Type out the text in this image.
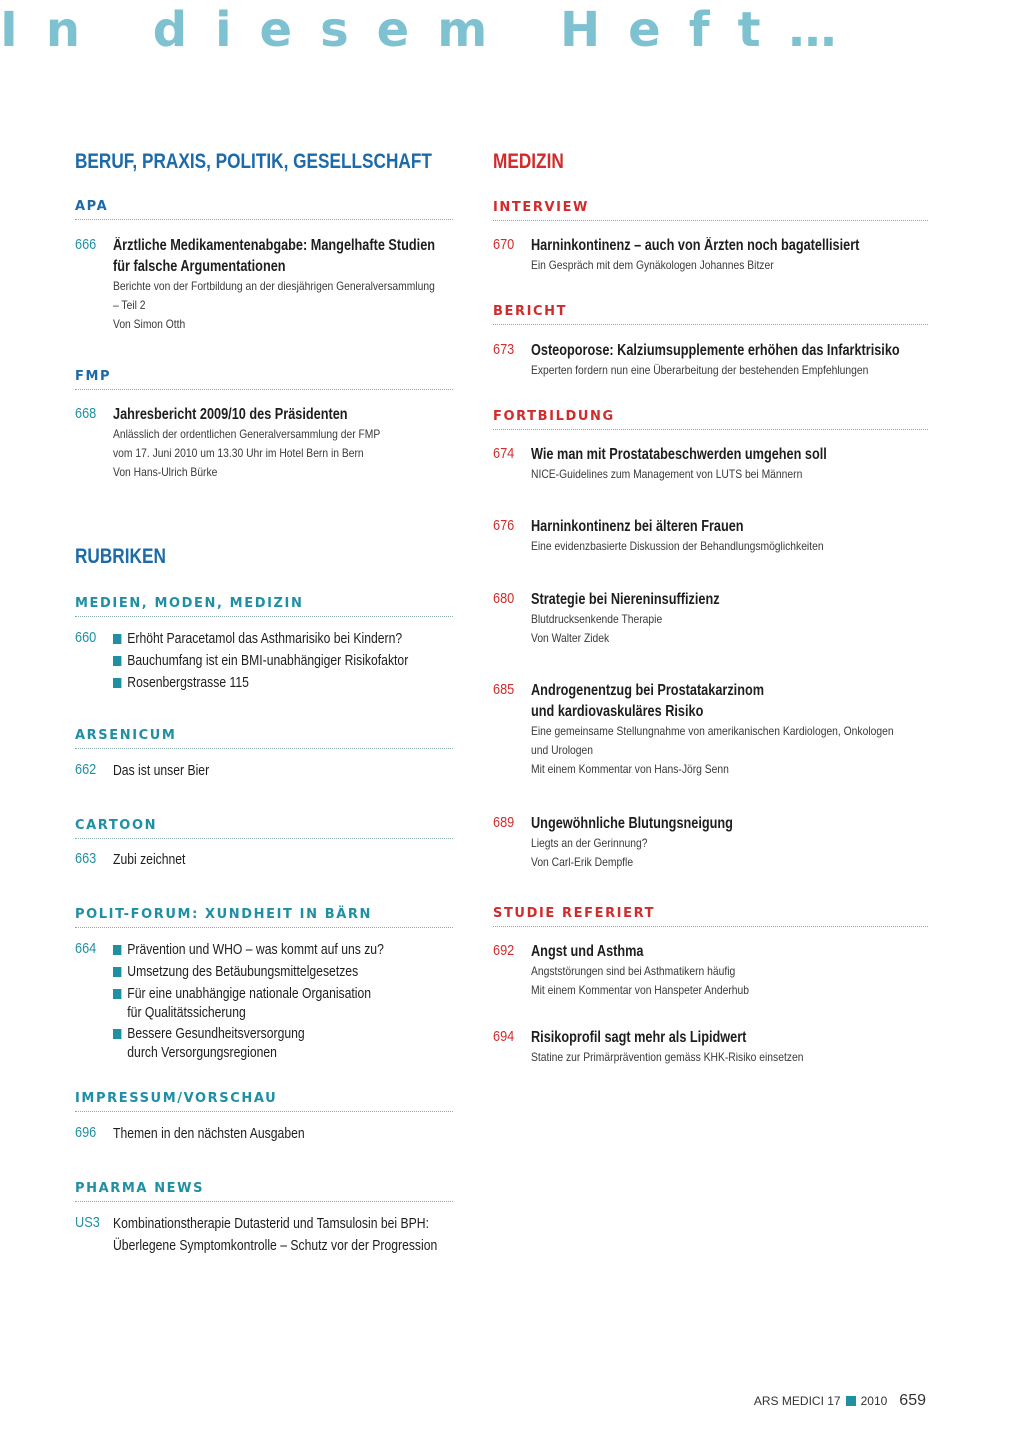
In diesem Heft…
BERUF, PRAXIS, POLITIK, GESELLSCHAFT
APA
666 Ärztliche Medikamentenabgabe: Mangelhafte Studien
für falsche Argumentationen
Berichte von der Fortbildung an der diesjährigen Generalversammlung
– Teil 2
Von Simon Otth
FMP
668 Jahresbericht 2009/10 des Präsidenten
Anlässlich der ordentlichen Generalversammlung der FMP
vom 17. Juni 2010 um 13.30 Uhr im Hotel Bern in Bern
Von Hans-Ulrich Bürke
RUBRIKEN
MEDIEN, MODEN, MEDIZIN
660	Erhöht Paracetamol das Asthmarisiko bei Kindern?
Bauchumfang ist ein BMI-unabhängiger Risikofaktor
Rosenbergstrasse 115
ARSENICUM
662 Das ist unser Bier
CARTOON
663 Zubi zeichnet
POLIT-FORUM: XUNDHEIT IN BÄRN
664	Prävention und WHO – was kommt auf uns zu?
Umsetzung des Betäubungsmittelgesetzes
Für eine unabhängige nationale Organisation
für Qualitätssicherung
Bessere Gesundheitsversorgung
durch Versorgungsregionen
IMPRESSUM/VORSCHAU
696 Themen in den nächsten Ausgaben
PHARMA NEWS
US3 Kombinationstherapie Dutasterid und Tamsulosin bei BPH:
Überlegene Symptomkontrolle – Schutz vor der Progression
MEDIZIN
INTERVIEW
670 Harninkontinenz – auch von Ärzten noch bagatellisiert
Ein Gespräch mit dem Gynäkologen Johannes Bitzer
BERICHT
673 Osteoporose: Kalziumsupplemente erhöhen das Infarktrisiko
Experten fordern nun eine Überarbeitung der bestehenden Empfehlungen
FORTBILDUNG
674 Wie man mit Prostatabeschwerden umgehen soll
NICE-Guidelines zum Management von LUTS bei Männern
676 Harninkontinenz bei älteren Frauen
Eine evidenzbasierte Diskussion der Behandlungsmöglichkeiten
680 Strategie bei Niereninsuffizienz
Blutdrucksenkende Therapie
Von Walter Zidek
685 Androgenentzug bei Prostatakarzinom
und kardiovaskuläres Risiko
Eine gemeinsame Stellungnahme von amerikanischen Kardiologen, Onkologen
und Urologen
Mit einem Kommentar von Hans-Jörg Senn
689 Ungewöhnliche Blutungsneigung
Liegts an der Gerinnung?
Von Carl-Erik Dempfle
STUDIE REFERIERT
692 Angst und Asthma
Angststörungen sind bei Asthmatikern häufig
Mit einem Kommentar von Hanspeter Anderhub
694 Risikoprofil sagt mehr als Lipidwert
Statine zur Primärprävention gemäss KHK-Risiko einsetzen
ARS MEDICI 17 2010 659
